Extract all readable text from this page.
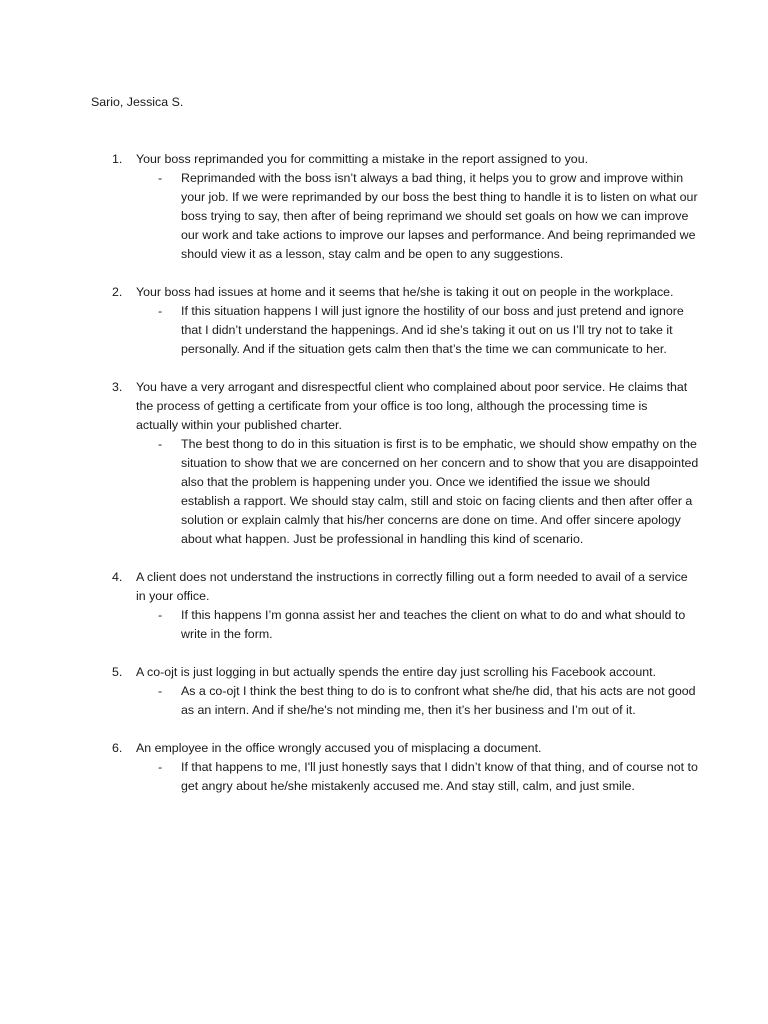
Sario, Jessica S.

1.	Your boss reprimanded you for committing a mistake in the report assigned to you.
- Reprimanded with the boss isn’t always a bad thing, it helps you to grow and improve within your job. If we were reprimanded by our boss the best thing to handle it is to listen on what our boss trying to say, then after of being reprimand we should set goals on how we can improve our work and take actions to improve our lapses and performance. And being reprimanded we should view it as a lesson, stay calm and be open to any suggestions.
2.	Your boss had issues at home and it seems that he/she is taking it out on people in the workplace.
- If this situation happens I will just ignore the hostility of our boss and just pretend and ignore that I didn’t understand the happenings. And id she’s taking it out on us I’ll try not to take it personally. And if the situation gets calm then that’s the time we can communicate to her.
3.	You have a very arrogant and disrespectful client who complained about poor service. He claims that the process of getting a certificate from your office is too long, although the processing time is actually within your published charter.
- The best thong to do in this situation is first is to be emphatic, we should show empathy on the situation to show that we are concerned on her concern and to show that you are disappointed also that the problem is happening under you. Once we identified the issue we should establish a rapport. We should stay calm, still and stoic on facing clients and then after offer a solution or explain calmly that his/her concerns are done on time. And offer sincere apology about what happen. Just be professional in handling this kind of scenario.
4.	A client does not understand the instructions in correctly filling out a form needed to avail of a service in your office.
- If this happens I’m gonna assist her and teaches the client on what to do and what should to write in the form.
5.	A co-ojt is just logging in but actually spends the entire day just scrolling his Facebook account.
- As a co-ojt I think the best thing to do is to confront what she/he did, that his acts are not good as an intern. And if she/he's not minding me, then it’s her business and I’m out of it.
6.	An employee in the office wrongly accused you of misplacing a document.
- If that happens to me, I'll just honestly says that I didn’t know of that thing, and of course not to get angry about he/she mistakenly accused me. And stay still, calm, and just smile.
